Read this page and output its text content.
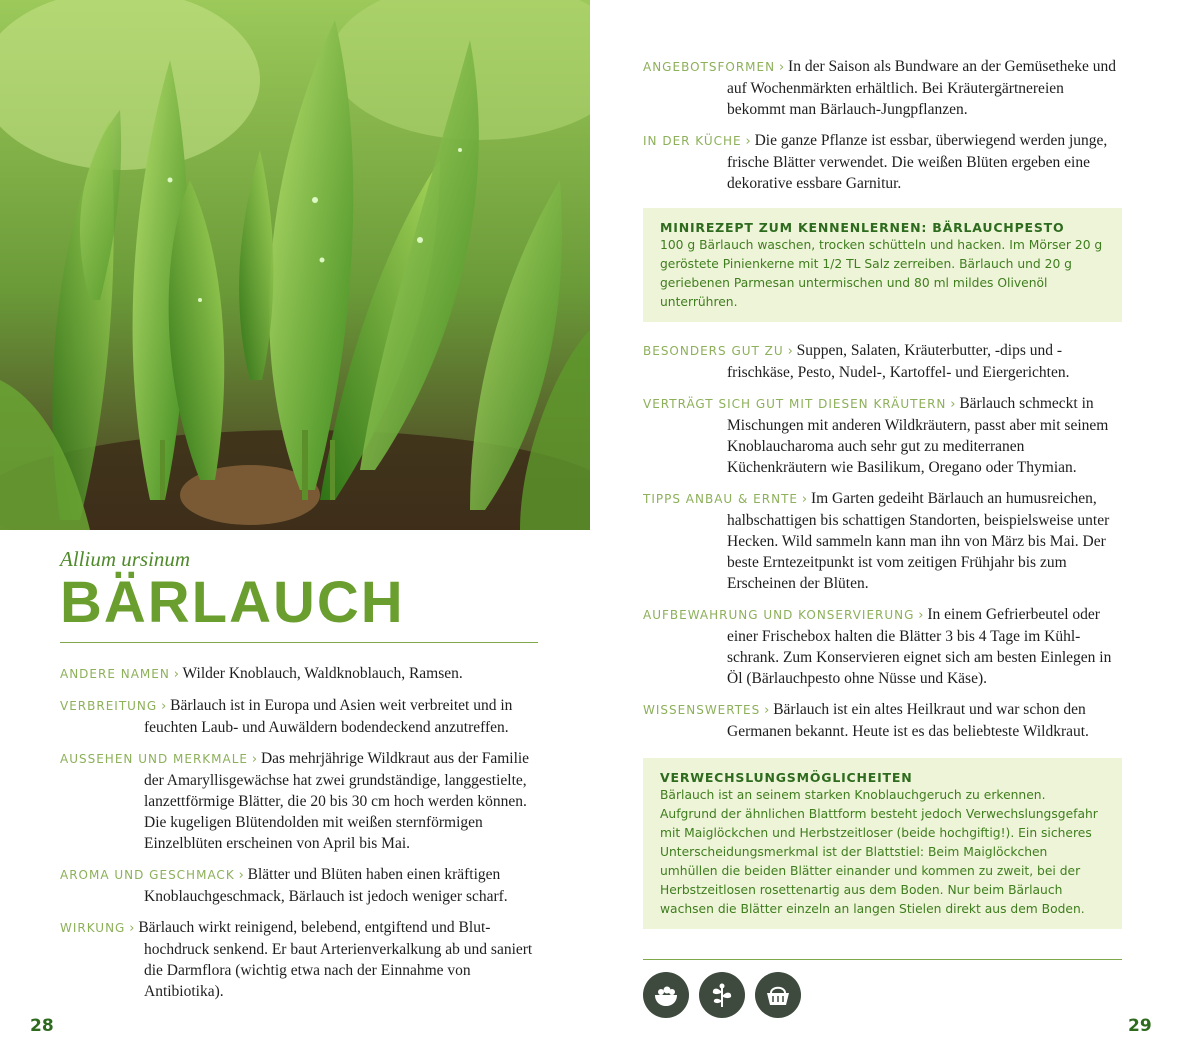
Allium ursinum

BÄRLAUCH

ANDERE NAMEN › Wilder Knoblauch, Waldknoblauch, Ramsen.

VERBREITUNG › Bärlauch ist in Europa und Asien weit verbreitet und in feuchten Laub- und Auwäldern bodendeckend anzutreffen.

AUSSEHEN UND MERKMALE › Das mehrjährige Wildkraut aus der Familie der Amaryllisgewächse hat zwei grundständige, langgestielte, lanzettförmige Blätter, die 20 bis 30 cm hoch werden können. Die kugeligen Blütendolden mit weißen sternförmigen Einzelblüten erscheinen von April bis Mai.

AROMA UND GESCHMACK › Blätter und Blüten haben einen kräftigen Knoblauchgeschmack, Bärlauch ist jedoch weniger scharf.

WIRKUNG › Bärlauch wirkt reinigend, belebend, entgiftend und Bluthochdruck senkend. Er baut Arterienverkalkung ab und saniert die Darmflora (wichtig etwa nach der Einnahme von Antibiotika).

ANGEBOTSFORMEN › In der Saison als Bundware an der Gemüsetheke und auf Wochenmärkten erhältlich. Bei Kräutergärtnereien bekommt man Bärlauch-Jungpflanzen.

IN DER KÜCHE › Die ganze Pflanze ist essbar, überwiegend werden junge, frische Blätter verwendet. Die weißen Blüten ergeben eine dekorative essbare Garnitur.

MINIREZEPT ZUM KENNENLERNEN: BÄRLAUCHPESTO

100 g Bärlauch waschen, trocken schütteln und hacken. Im Mörser 20 g geröstete Pinienkerne mit 1/2 TL Salz zerreiben. Bärlauch und 20 g geriebenen Parmesan untermischen und 80 ml mildes Olivenöl unterrühren.

BESONDERS GUT ZU › Suppen, Salaten, Kräuterbutter, -dips und -frischkäse, Pesto, Nudel-, Kartoffel- und Eiergerichten.

VERTRÄGT SICH GUT MIT DIESEN KRÄUTERN › Bärlauch schmeckt in Mischungen mit anderen Wildkräutern, passt aber mit seinem Knoblaucharoma auch sehr gut zu mediterranen Küchenkräutern wie Basilikum, Oregano oder Thymian.

TIPPS ANBAU & ERNTE › Im Garten gedeiht Bärlauch an humusreichen, halbschattigen bis schattigen Standorten, beispielsweise unter Hecken. Wild sammeln kann man ihn von März bis Mai. Der beste Erntezeitpunkt ist vom zeitigen Frühjahr bis zum Erscheinen der Blüten.

AUFBEWAHRUNG UND KONSERVIERUNG › In einem Gefrierbeutel oder einer Frischebox halten die Blätter 3 bis 4 Tage im Kühlschrank. Zum Konservieren eignet sich am besten Einlegen in Öl (Bärlauchpesto ohne Nüsse und Käse).

WISSENSWERTES › Bärlauch ist ein altes Heilkraut und war schon den Germanen bekannt. Heute ist es das beliebteste Wildkraut.

VERWECHSLUNGSMÖGLICHEITEN

Bärlauch ist an seinem starken Knoblauchgeruch zu erkennen. Aufgrund der ähnlichen Blattform besteht jedoch Verwechslungsgefahr mit Maiglöckchen und Herbstzeitloser (beide hochgiftig!). Ein sicheres Unterscheidungsmerkmal ist der Blattstiel: Beim Maiglöckchen umhüllen die beiden Blätter einander und kommen zu zweit, bei der Herbstzeitlosen rosettenartig aus dem Boden. Nur beim Bärlauch wachsen die Blätter einzeln an langen Stielen direkt aus dem Boden.

28	29
